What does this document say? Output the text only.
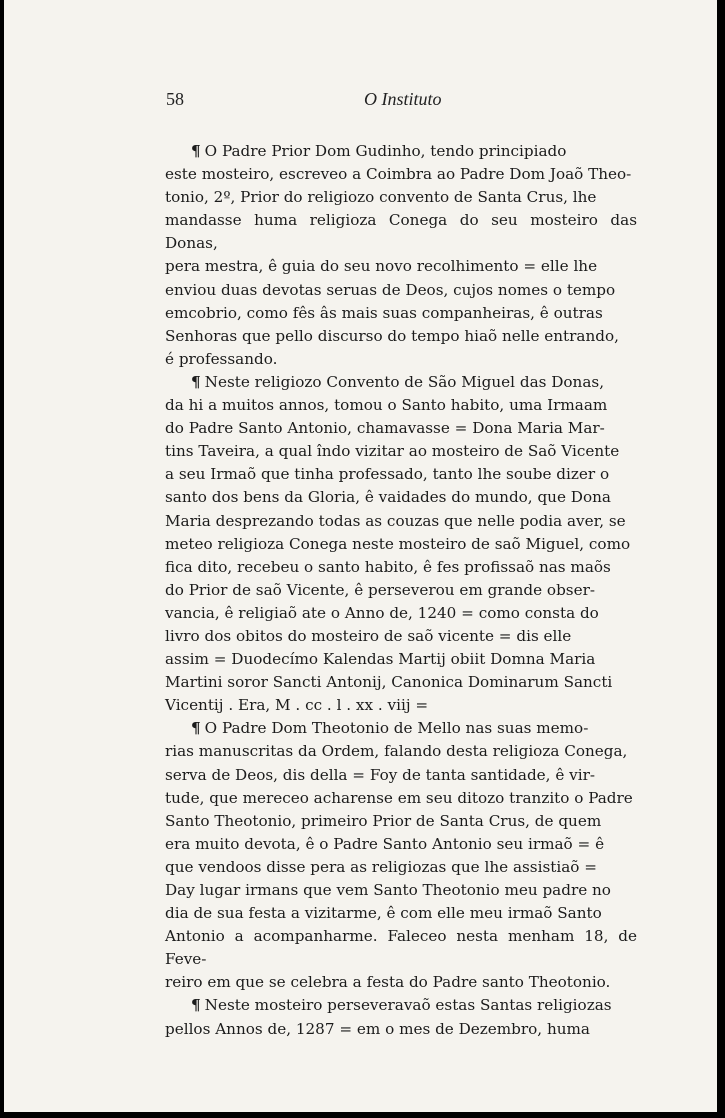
58	O Instituto

¶ O Padre Prior Dom Gudinho, tendo principiado
este mosteiro, escreveo a Coimbra ao Padre Dom Joaõ Theo-
tonio, 2º, Prior do religiozo convento de Santa Crus, lhe
mandasse huma religioza Conega do seu mosteiro das Donas,
pera mestra, ê guia do seu novo recolhimento = elle lhe
enviou duas devotas seruas de Deos, cujos nomes o tempo
emcobrio, como fês âs mais suas companheiras, ê outras
Senhoras que pello discurso do tempo hiaõ nelle entrando,
é professando.

¶ Neste religiozo Convento de São Miguel das Donas,
da hi a muitos annos, tomou o Santo habito, uma Irmaam
do Padre Santo Antonio, chamavasse = Dona Maria Mar-
tins Taveira, a qual îndo vizitar ao mosteiro de Saõ Vicente
a seu Irmaõ que tinha professado, tanto lhe soube dizer o
santo dos bens da Gloria, ê vaidades do mundo, que Dona
Maria desprezando todas as couzas que nelle podia aver, se
meteo religioza Conega neste mosteiro de saõ Miguel, como
fica dito, recebeu o santo habito, ê fes profissaõ nas maõs
do Prior de saõ Vicente, ê perseverou em grande obser-
vancia, ê religiaõ ate o Anno de, 1240 = como consta do
livro dos obitos do mosteiro de saõ vicente = dis elle
assim = Duodecímo Kalendas Martij obiit Domna Maria
Martini soror Sancti Antonij, Canonica Dominarum Sancti
Vicentij . Era, M . cc . l . xx . viij =

¶ O Padre Dom Theotonio de Mello nas suas memo-
rias manuscritas da Ordem, falando desta religioza Conega,
serva de Deos, dis della = Foy de tanta santidade, ê vir-
tude, que mereceo acharense em seu ditozo tranzito o Padre
Santo Theotonio, primeiro Prior de Santa Crus, de quem
era muito devota, ê o Padre Santo Antonio seu irmaõ = ê
que vendoos disse pera as religiozas que lhe assistiaõ =
Day lugar irmans que vem Santo Theotonio meu padre no
dia de sua festa a vizitarme, ê com elle meu irmaõ Santo
Antonio a acompanharme. Faleceo nesta menham 18, de Feve-
reiro em que se celebra a festa do Padre santo Theotonio.

¶ Neste mosteiro perseveravaõ estas Santas religiozas
pellos Annos de, 1287 = em o mes de Dezembro, huma
